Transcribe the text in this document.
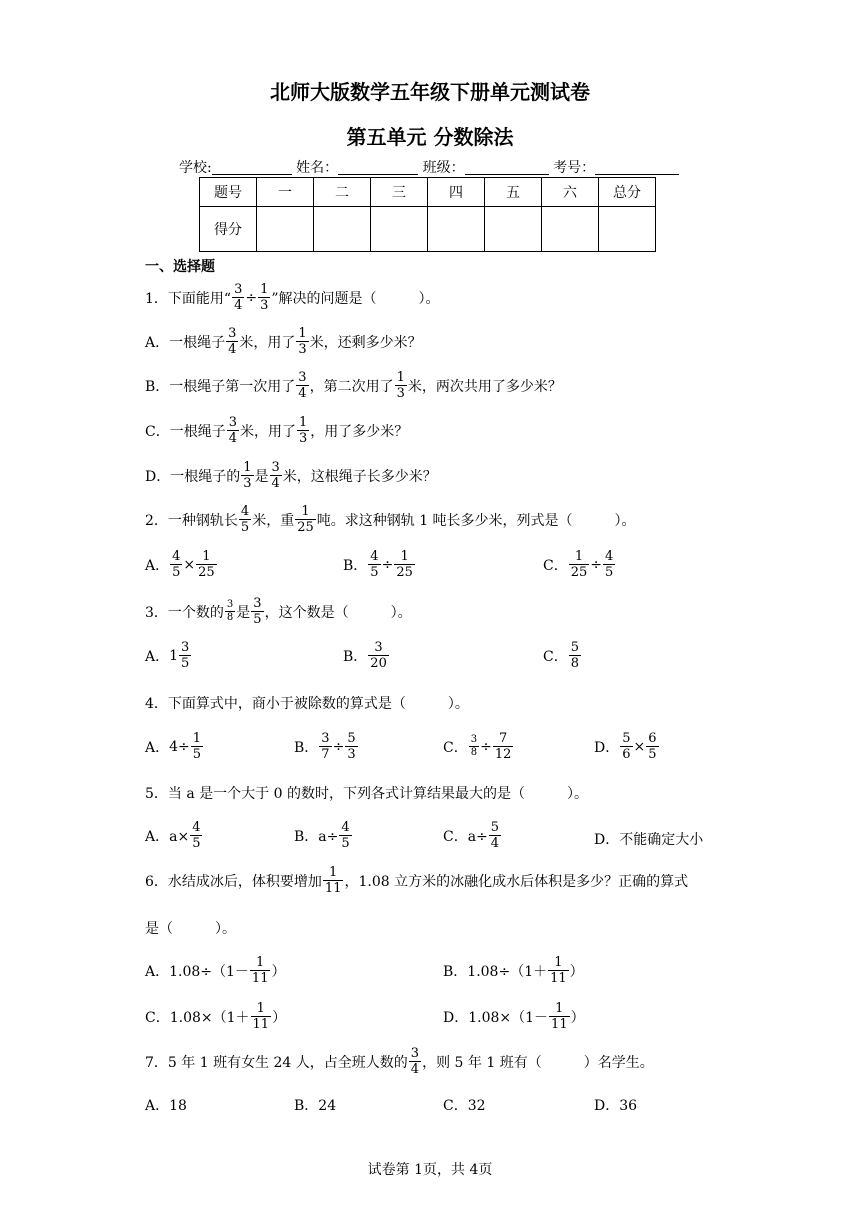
北师大版数学五年级下册单元测试卷
第五单元 分数除法
学校:	姓名：	班级：	考号：
题号	一	二	三	四	五	六	总分
得分							
一、选择题
1．下面能用“ $\frac{3}{4} \div \frac{1}{3}$ ”解决的问题是（　　　）。
A．一根绳子
3
4 米，用了
1
3 米，还剩多少米？
B．一根绳子第一次用了
3
4 ，第二次用了
1
3 米，两次共用了多少米？
C．一根绳子
3
4 米，用了
1
3 ，用了多少米？
D．一根绳子的
1
3 是
3
4 米，这根绳子长多少米？
2．一种钢轨长
4
5 米，重
1
25 吨。求这种钢轨 1 吨长多少米，列式是（　　　）。
A． $\frac{4}{5} \times \frac{1}{25}$	B． $\frac{4}{5} \div \frac{1}{25}$	C． $\frac{1}{25} \div \frac{4}{5}$
3．一个数的 3
8 是
3
5 ，这个数是（　　　）。
A． 1 3
5	B．
3
20	C．
5
8
4．下面算式中，商小于被除数的算式是（　　　）。
A． $4\div \frac{1}{5}$	B． $\frac{3}{7} \div \frac{5}{3}$	C． $\frac{3}{8} \div \frac{7}{12}$	D． $\frac{5}{6} \times \frac{6}{5}$
5．当 a 是一个大于 0 的数时，下列各式计算结果最大的是（　　　）。
A．$a\times \frac{4}{5}$	B．$a\div \frac{4}{5}$	C．$a\div \frac{5}{4}$	D．不能确定大小
6．水结成冰后，体积要增加
1
11 ，1.08 立方米的冰融化成水后体积是多少？正确的算式
是（　　　）。
A．1.08÷（1－
1
11 ）	B．1.08÷（1＋
1
11 ）
C．1.08×（1＋
1
11 ）	D．1.08×（1－
1
11 ）
7．5 年 1 班有女生 24 人，占全班人数的
3
4 ，则 5 年 1 班有（　　　）名学生。
A．18	B．24	C．32	D．36
试卷第 1页，共 4页
